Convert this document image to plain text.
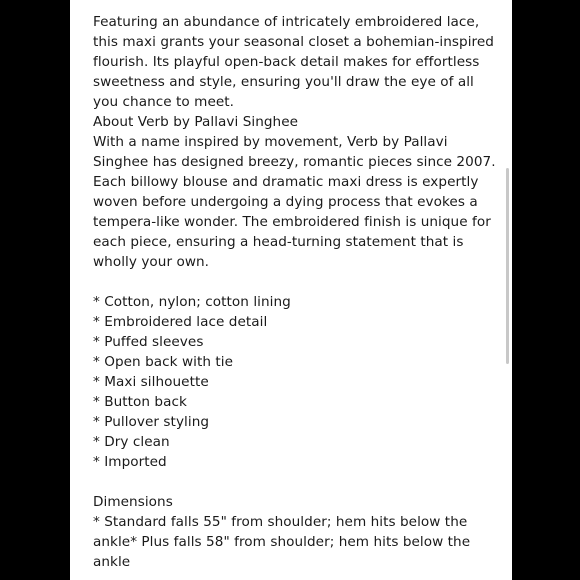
Featuring an abundance of intricately embroidered lace,

this maxi grants your seasonal closet a bohemian-inspired

flourish. Its playful open-back detail makes for effortless

sweetness and style, ensuring you'll draw the eye of all

you chance to meet.

About Verb by Pallavi Singhee

With a name inspired by movement, Verb by Pallavi

Singhee has designed breezy, romantic pieces since 2007.

Each billowy blouse and dramatic maxi dress is expertly

woven before undergoing a dying process that evokes a

tempera-like wonder. The embroidered finish is unique for

each piece, ensuring a head-turning statement that is

wholly your own.

* Cotton, nylon; cotton lining
* Embroidered lace detail
* Puffed sleeves
* Open back with tie
* Maxi silhouette
* Button back
* Pullover styling
* Dry clean
* Imported

Dimensions

* Standard falls 55" from shoulder; hem hits below the

ankle* Plus falls 58" from shoulder; hem hits below the

ankle
